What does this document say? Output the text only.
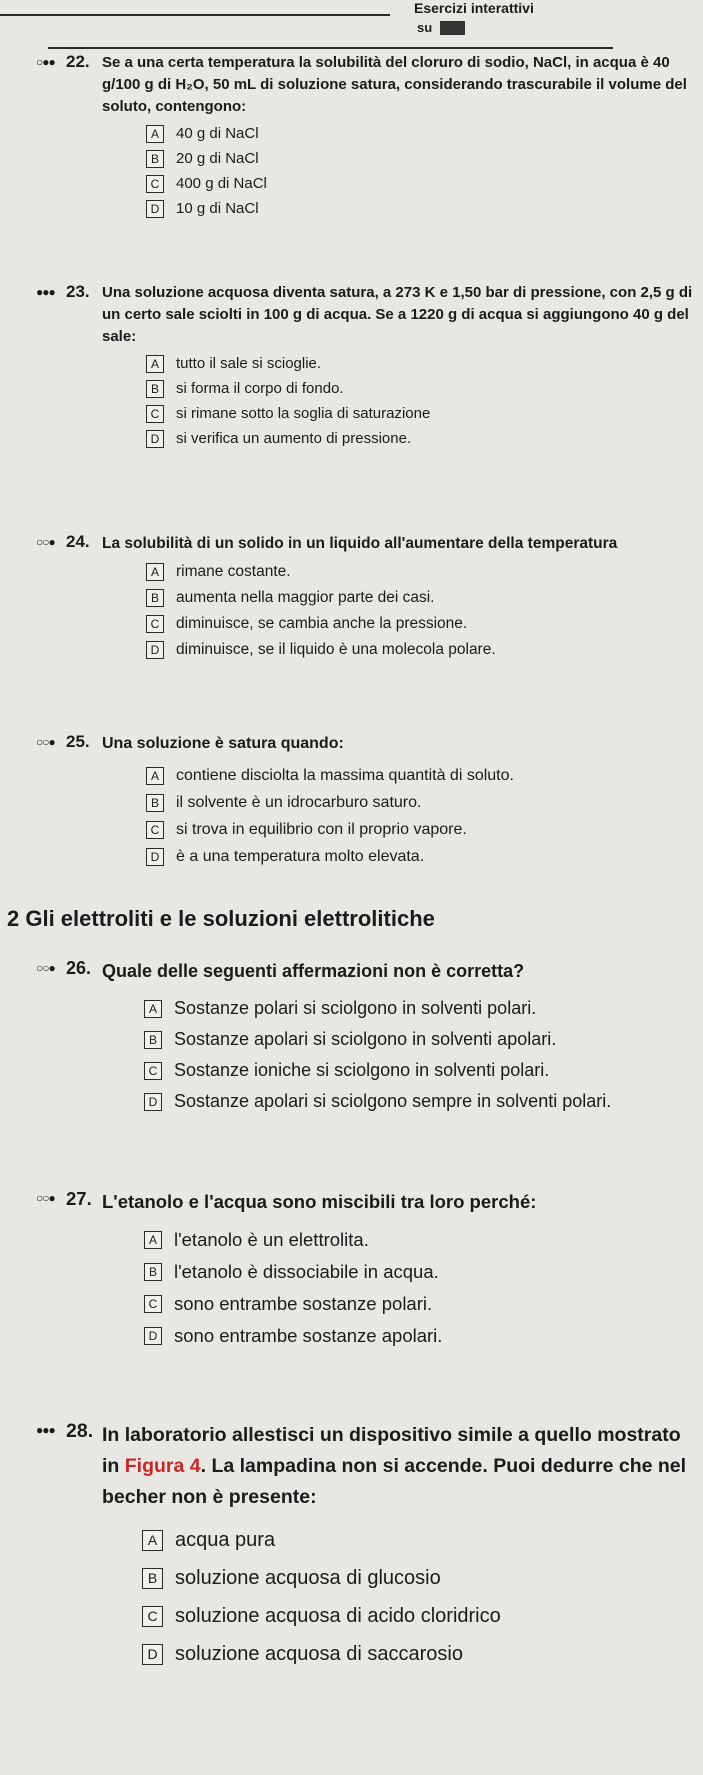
Esercizi interattivi
su
○●● 22. Se a una certa temperatura la solubilità del cloruro di sodio, NaCl, in acqua è 40 g/100 g di H₂O, 50 mL di soluzione satura, considerando trascurabile il volume del soluto, contengono:
A	40 g di NaCl
B	20 g di NaCl
C	400 g di NaCl
D	10 g di NaCl
●●● 23. Una soluzione acquosa diventa satura, a 273 K e 1,50 bar di pressione, con 2,5 g di un certo sale sciolti in 100 g di acqua. Se a 1220 g di acqua si aggiungono 40 g del sale:
A	tutto il sale si scioglie.
B	si forma il corpo di fondo.
C	si rimane sotto la soglia di saturazione
D	si verifica un aumento di pressione.
○○● 24. La solubilità di un solido in un liquido all'aumentare della temperatura
A	rimane costante.
B	aumenta nella maggior parte dei casi.
C	diminuisce, se cambia anche la pressione.
D	diminuisce, se il liquido è una molecola polare.
○○● 25. Una soluzione è satura quando:
A	contiene disciolta la massima quantità di soluto.
B	il solvente è un idrocarburo saturo.
C si trova in equilibrio con il proprio vapore.
D è a una temperatura molto elevata.
2 Gli elettroliti e le soluzioni elettrolitiche
○○● 26. Quale delle seguenti affermazioni non è corretta?
A Sostanze polari si sciolgono in solventi polari.
B Sostanze apolari si sciolgono in solventi apolari.
C Sostanze ioniche si sciolgono in solventi polari.
D Sostanze apolari si sciolgono sempre in solventi polari.
○○● 27. L'etanolo e l'acqua sono miscibili tra loro perché:
A l'etanolo è un elettrolita.
B l'etanolo è dissociabile in acqua.
C sono entrambe sostanze polari.
D sono entrambe sostanze apolari.
●●● 28. In laboratorio allestisci un dispositivo simile a quello mostrato in Figura 4. La lampadina non si accende. Puoi dedurre che nel becher non è presente:
A acqua pura
B soluzione acquosa di glucosio
C soluzione acquosa di acido cloridrico
D soluzione acquosa di saccarosio
